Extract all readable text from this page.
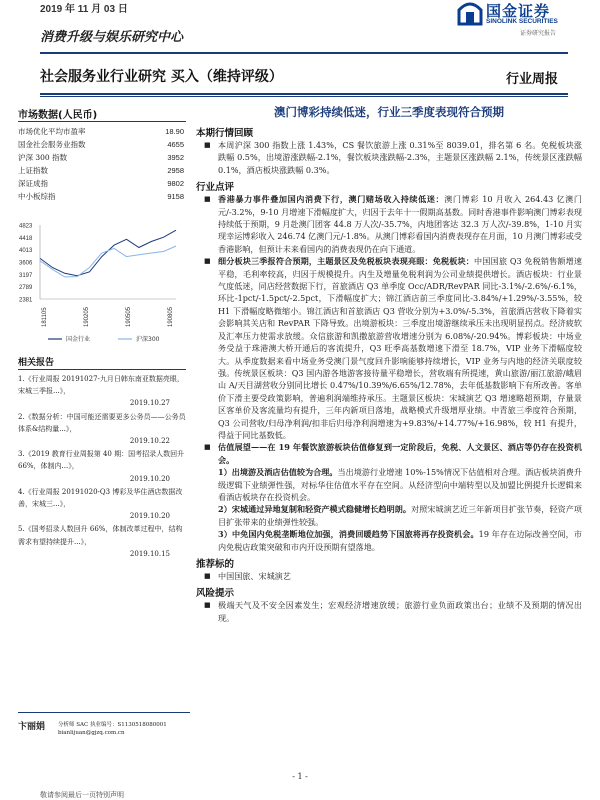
2019 年 11 月 03 日	国金证券
SINOLINK SECURITIES
证券研究报告
消费升级与娱乐研究中心
社会服务业行业研究 买入（维持评级）	行业周报
市场数据(人民币)
市场优化平均市盈率	18.90
国金社会服务业指数	4655
沪深 300 指数	3952
上证指数	2958
深证成指	9802
中小板综指	9158
4823
4418
4013
3606
3197
2789
2381
181105	190205	190505	190805
国金行业	沪深300
相关报告
1.《行业周报 20191027-九月日韩东南亚数据亮眼，宋城三季报...》，
2019.10.27
2.《数据分析：中国可能还需要更多公务员——公务员体系&结构量...》，
2019.10.22
3.《2019 教育行业周报第 40 期：国考招录人数回升 66%，体制内...》，
2019.10.20
4.《行业周报 20191020-Q3 博彩及华住酒店数据改善，宋城三...》，
2019.10.20
5.《国考招录人数回升 66%，体制改革过程中，结构需求有望持续提升...》，
2019.10.15
卞丽娟 分析师 SAC 执业编号：S1130518080001
bianlijuan@gjzq.com.cn
澳门博彩持续低迷，行业三季度表现符合预期
本期行情回顾
■ 本周沪深 300 指数上涨 1.43%，CS 餐饮旅游上涨 0.31%至 8039.01，排名第 6 名。免税板块涨跌幅 0.5%，出境游涨跌幅-2.1%，餐饮板块涨跌幅-2.3%，主题景区涨跌幅 2.1%，传统景区涨跌幅 0.1%，酒店板块涨跌幅 0.3%。
行业点评
■ 香港暴力事件叠加国内消费下行，澳门赌场收入持续低迷：澳门博彩 10 月收入 264.43 亿澳门元/-3.2%，9-10 月增速下滑幅度扩大，归因于去年十一假期高基数。同时香港事件影响澳门博彩表现持续低于预期，9 月赴澳门团客 44.8 万人次/-35.7%，内地团客达 32.3 万人次/-39.8%，1-10 月实现幸运博彩收入 246.74 亿澳门元/-1.8%。从澳门博彩看国内消费表现存在月面，10 月澳门博彩或受香港影响，但预计未来看国内的消费表现仍在向下通道。
■ 细分板块三季报符合预期，主题景区及免税板块表现亮眼：免税板块：中国国旅 Q3 免税销售额增速平稳，毛利率较高，归因于规模提升。内生及增量免税利润为公司业绩提供增长。酒店板块：行业景气度低迷，同店经营数据下行，首旅酒店 Q3 单季度 Occ/ADR/RevPAR 同比-3.1%/-2.6%/-6.1%，环比-1pct/-1.5pct/-2.5pct，下滑幅度扩大；锦江酒店前三季度同比-3.84%/+1.29%/-3.55%，较 H1 下滑幅度略微缩小。锦江酒店和首旅酒店 Q3 营收分别为+3.0%/-5.3%，首旅酒店营收下降着实会影响其关店和 RevPAR 下降导致。出境游板块：三季度出境游继续承压未出现明显拐点。经济疲软及汇率压力使需求放缓。众信旅游和凯撒旅游营收增速分别为 6.08%/-20.94%。博彩板块：中场业务受益于珠港澳大桥开通后的客流提升，Q3 旺季高基数增速下滑至 18.7%，VIP 业务下滑幅度较大。从季度数据来看中场业务受澳门景气度回升影响能够持续增长，VIP 业务与内地的经济关联度较强。传统景区板块：Q3 国内游各地游客接待量平稳增长，营收端有所提速，黄山旅游/丽江旅游/峨眉山 A/天目湖营收分别同比增长 0.47%/10.39%/6.65%/12.78%，去年低基数影响下有所改善。客单价下滑主要受政策影响，普遍利润端维持承压。主题景区板块：宋城演艺 Q3 增速略超预期，存量景区客单价及客流量均有提升，三年内新项目落地，战略模式升级增厚业绩。中青旅三季度符合预期，Q3 公司营收/归母净利润/扣非后归母净利润增速为+9.83%/+14.77%/+16.98%，较 H1 有提升，得益于同比基数低。
■ 估值展望——在 19 年餐饮旅游板块估值修复到一定阶段后，免税、人文景区、酒店等仍存在投资机会。
1）出境游及酒店估值较为合理。当出境游行业增速 10%-15%情况下估值相对合理。酒店板块消费升级逻辑下业绩弹性强，对标华住估值水平存在空间。从经济型向中端转型以及加盟比例提升长逻辑来看酒店板块存在投资机会。
2）宋城通过异地复制和轻资产模式稳健增长趋明朗。对照宋城演艺近三年新项目扩张节奏，轻资产项目扩张带来的业绩弹性较强。
3）中免国内免税垄断地位加强，消费回暖趋势下国旅将再存投资机会。19 年存在边际改善空间，市内免税店政策突破和市内开设预期有望落地。
推荐标的
■ 中国国旅、宋城演艺
风险提示
■ 极端天气及不安全因素发生；宏观经济增速放缓；旅游行业负面政策出台；业绩不及预期的情况出现。
- 1 -
敬请参阅最后一页特别声明
